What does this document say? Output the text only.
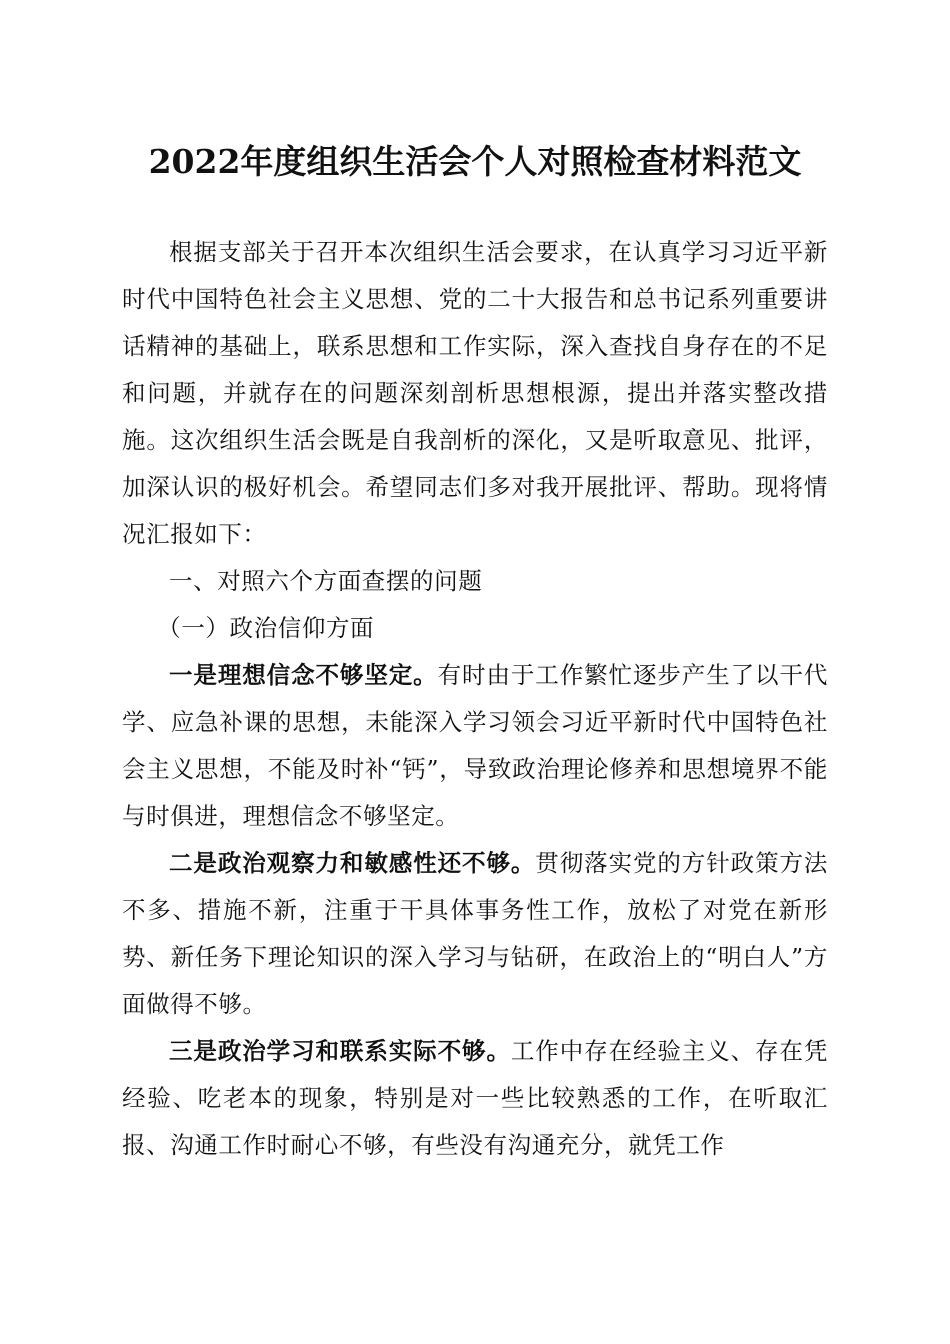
2022年度组织生活会个人对照检查材料范文

根据支部关于召开本次组织生活会要求，在认真学习习近平新时代中国特色社会主义思想、党的二十大报告和总书记系列重要讲话精神的基础上，联系思想和工作实际，深入查找自身存在的不足和问题，并就存在的问题深刻剖析思想根源，提出并落实整改措施。这次组织生活会既是自我剖析的深化，又是听取意见、批评，加深认识的极好机会。希望同志们多对我开展批评、帮助。现将情况汇报如下：

一、对照六个方面查摆的问题

（一）政治信仰方面

一是理想信念不够坚定。有时由于工作繁忙逐步产生了以干代学、应急补课的思想，未能深入学习领会习近平新时代中国特色社会主义思想，不能及时补“钙”，导致政治理论修养和思想境界不能与时俱进，理想信念不够坚定。

二是政治观察力和敏感性还不够。贯彻落实党的方针政策方法不多、措施不新，注重于干具体事务性工作，放松了对党在新形势、新任务下理论知识的深入学习与钻研，在政治上的“明白人”方面做得不够。

三是政治学习和联系实际不够。工作中存在经验主义、存在凭经验、吃老本的现象，特别是对一些比较熟悉的工作，在听取汇报、沟通工作时耐心不够，有些没有沟通充分，就凭工作
